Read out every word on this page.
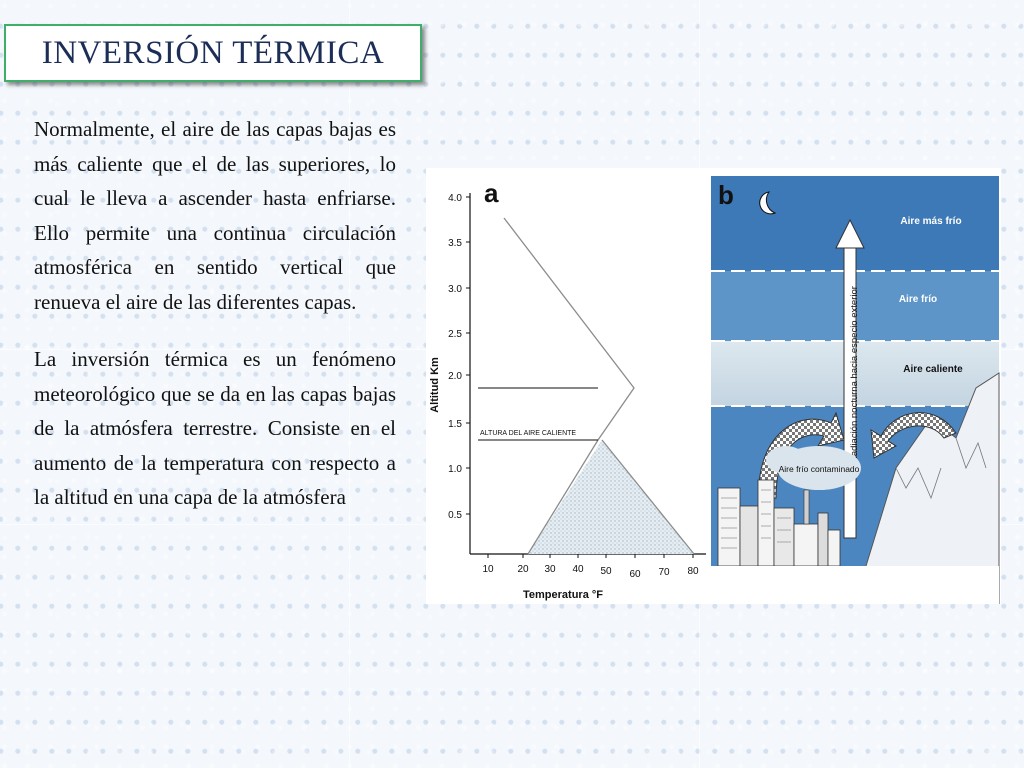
INVERSIÓN TÉRMICA

Normalmente, el aire de las capas bajas es más caliente que el de las superiores, lo cual le lleva a ascender hasta enfriarse. Ello permite una continua circulación atmosférica en sentido vertical que renueva el aire de las diferentes capas.

La inversión térmica es un fenómeno meteorológico que se da en las capas bajas de la atmósfera terrestre. Consiste en el aumento de la temperatura con respecto a la altitud en una capa de la atmósfera

a
Altitud Km
Temperatura °F
4.0
3.5
3.0
2.5
2.0
1.5
1.0
0.5
10 20 30 40 50 60 70 80
ALTURA DEL AIRE CALIENTE
b
Aire más frío
Aire frío
Aire caliente
Radiación nocturna hacia especio exterior
Aire frío contaminado
